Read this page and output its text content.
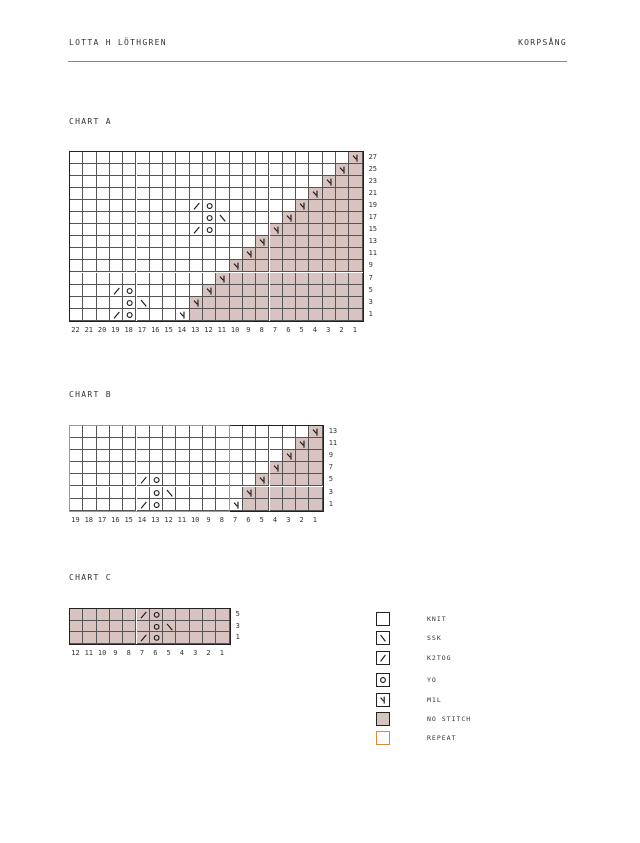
LOTTA H LÖTHGREN	KORPSÅNG
CHART A
27
25
23
21
19
17
15
13
11
9
7
5
3
1
22 21 20 19 18 17 16 15 14 13 12 11 10 9	8	7	6	5	4	3	2	1
CHART B
13
11
9
7
5
3
1
19 18 17 16 15 14 13 12 11 10 9	8	7	6	5	4	3	2	1
CHART C
5
3
1
12 11 10 9	8	7	6	5	4	3	2	1
KNIT
SSK
K2TOG
YO
M1L
NO STITCH
REPEAT
